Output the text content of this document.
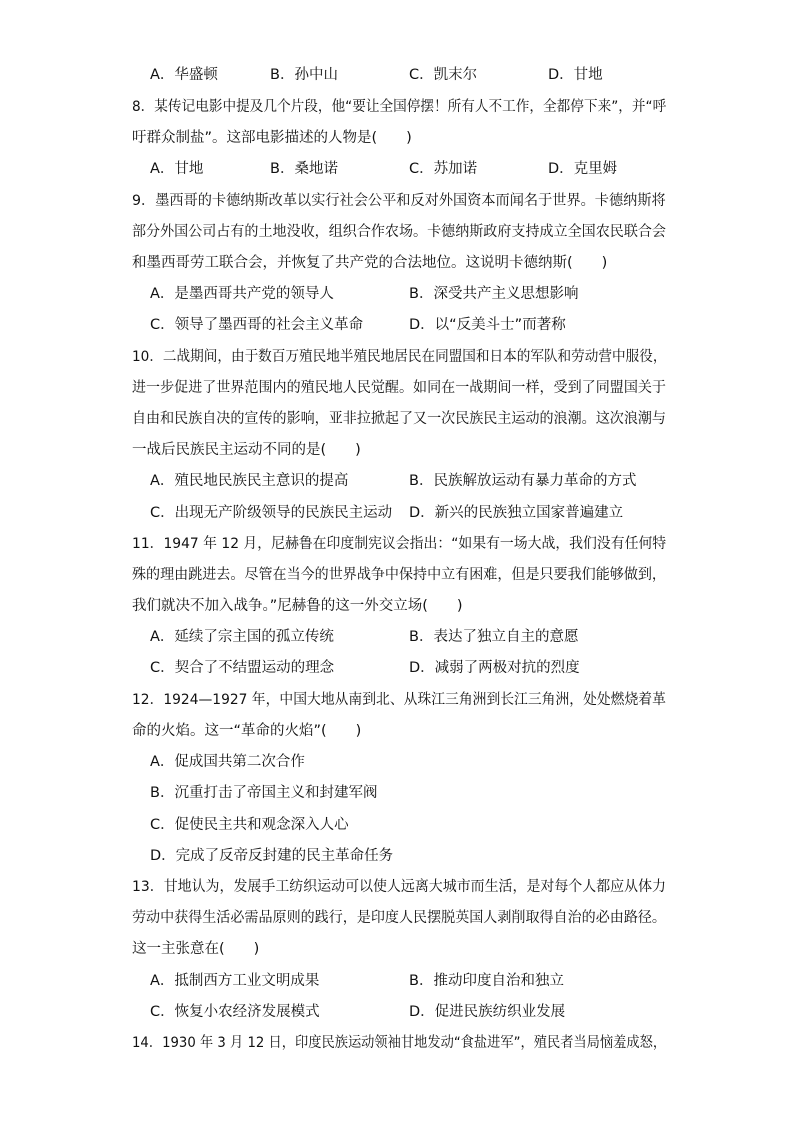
A．华盛顿	B．孙中山	C．凯末尔	D．甘地
8．某传记电影中提及几个片段，他“要让全国停摆！所有人不工作，全都停下来”，并“呼
吁群众制盐”。这部电影描述的人物是(　　)
A．甘地	B．桑地诺	C．苏加诺	D．克里姆
9．墨西哥的卡德纳斯改革以实行社会公平和反对外国资本而闻名于世界。卡德纳斯将
部分外国公司占有的土地没收，组织合作农场。卡德纳斯政府支持成立全国农民联合会
和墨西哥劳工联合会，并恢复了共产党的合法地位。这说明卡德纳斯(　　)
A．是墨西哥共产党的领导人	B．深受共产主义思想影响
C．领导了墨西哥的社会主义革命	D．以“反美斗士”而著称
10．二战期间，由于数百万殖民地半殖民地居民在同盟国和日本的军队和劳动营中服役，
进一步促进了世界范围内的殖民地人民觉醒。如同在一战期间一样，受到了同盟国关于
自由和民族自决的宣传的影响，亚非拉掀起了又一次民族民主运动的浪潮。这次浪潮与
一战后民族民主运动不同的是(　　)
A．殖民地民族民主意识的提高	B．民族解放运动有暴力革命的方式
C．出现无产阶级领导的民族民主运动 D．新兴的民族独立国家普遍建立
11．1947 年 12 月，尼赫鲁在印度制宪议会指出：“如果有一场大战，我们没有任何特
殊的理由跳进去。尽管在当今的世界战争中保持中立有困难，但是只要我们能够做到，
我们就决不加入战争。”尼赫鲁的这一外交立场(　　)
A．延续了宗主国的孤立传统	B．表达了独立自主的意愿
C．契合了不结盟运动的理念	D．减弱了两极对抗的烈度
12．1924—1927 年，中国大地从南到北、从珠江三角洲到长江三角洲，处处燃烧着革
命的火焰。这一“革命的火焰”(　　)
A．促成国共第二次合作
B．沉重打击了帝国主义和封建军阀
C．促使民主共和观念深入人心
D．完成了反帝反封建的民主革命任务
13．甘地认为，发展手工纺织运动可以使人远离大城市而生活，是对每个人都应从体力
劳动中获得生活必需品原则的践行，是印度人民摆脱英国人剥削取得自治的必由路径。
这一主张意在(　　)
A．抵制西方工业文明成果	B．推动印度自治和独立
C．恢复小农经济发展模式	D．促进民族纺织业发展
14．1930 年 3 月 12 日，印度民族运动领袖甘地发动“食盐进军”，殖民者当局恼羞成怒，
